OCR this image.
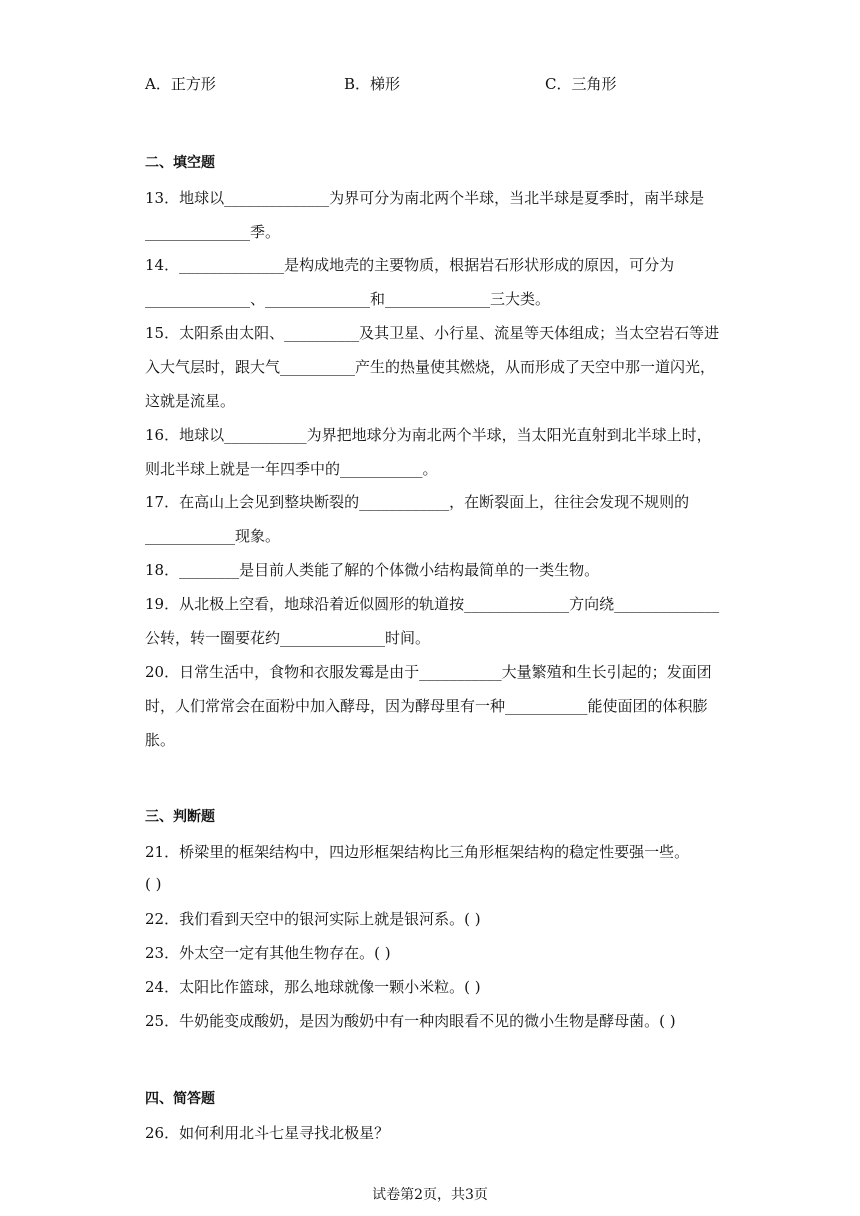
A．正方形	B．梯形	C．三角形
二、填空题
13．地球以______________为界可分为南北两个半球，当北半球是夏季时，南半球是
______________季。
14．______________是构成地壳的主要物质，根据岩石形状形成的原因，可分为
______________、______________和______________三大类。
15．太阳系由太阳、__________及其卫星、小行星、流星等天体组成；当太空岩石等进
入大气层时，跟大气__________产生的热量使其燃烧，从而形成了天空中那一道闪光，
这就是流星。
16．地球以___________为界把地球分为南北两个半球，当太阳光直射到北半球上时，
则北半球上就是一年四季中的___________。
17．在高山上会见到整块断裂的____________，在断裂面上，往往会发现不规则的
____________现象。
18．________是目前人类能了解的个体微小结构最简单的一类生物。
19．从北极上空看，地球沿着近似圆形的轨道按______________方向绕______________
公转，转一圈要花约______________时间。
20．日常生活中，食物和衣服发霉是由于___________大量繁殖和生长引起的；发面团
时，人们常常会在面粉中加入酵母，因为酵母里有一种___________能使面团的体积膨
胀。
三、判断题
21．桥梁里的框架结构中，四边形框架结构比三角形框架结构的稳定性要强一些。
( )
22．我们看到天空中的银河实际上就是银河系。( )
23．外太空一定有其他生物存在。( )
24．太阳比作篮球，那么地球就像一颗小米粒。( )
25．牛奶能变成酸奶，是因为酸奶中有一种肉眼看不见的微小生物是酵母菌。( )
四、简答题
26．如何利用北斗七星寻找北极星？
试卷第2页，共3页
